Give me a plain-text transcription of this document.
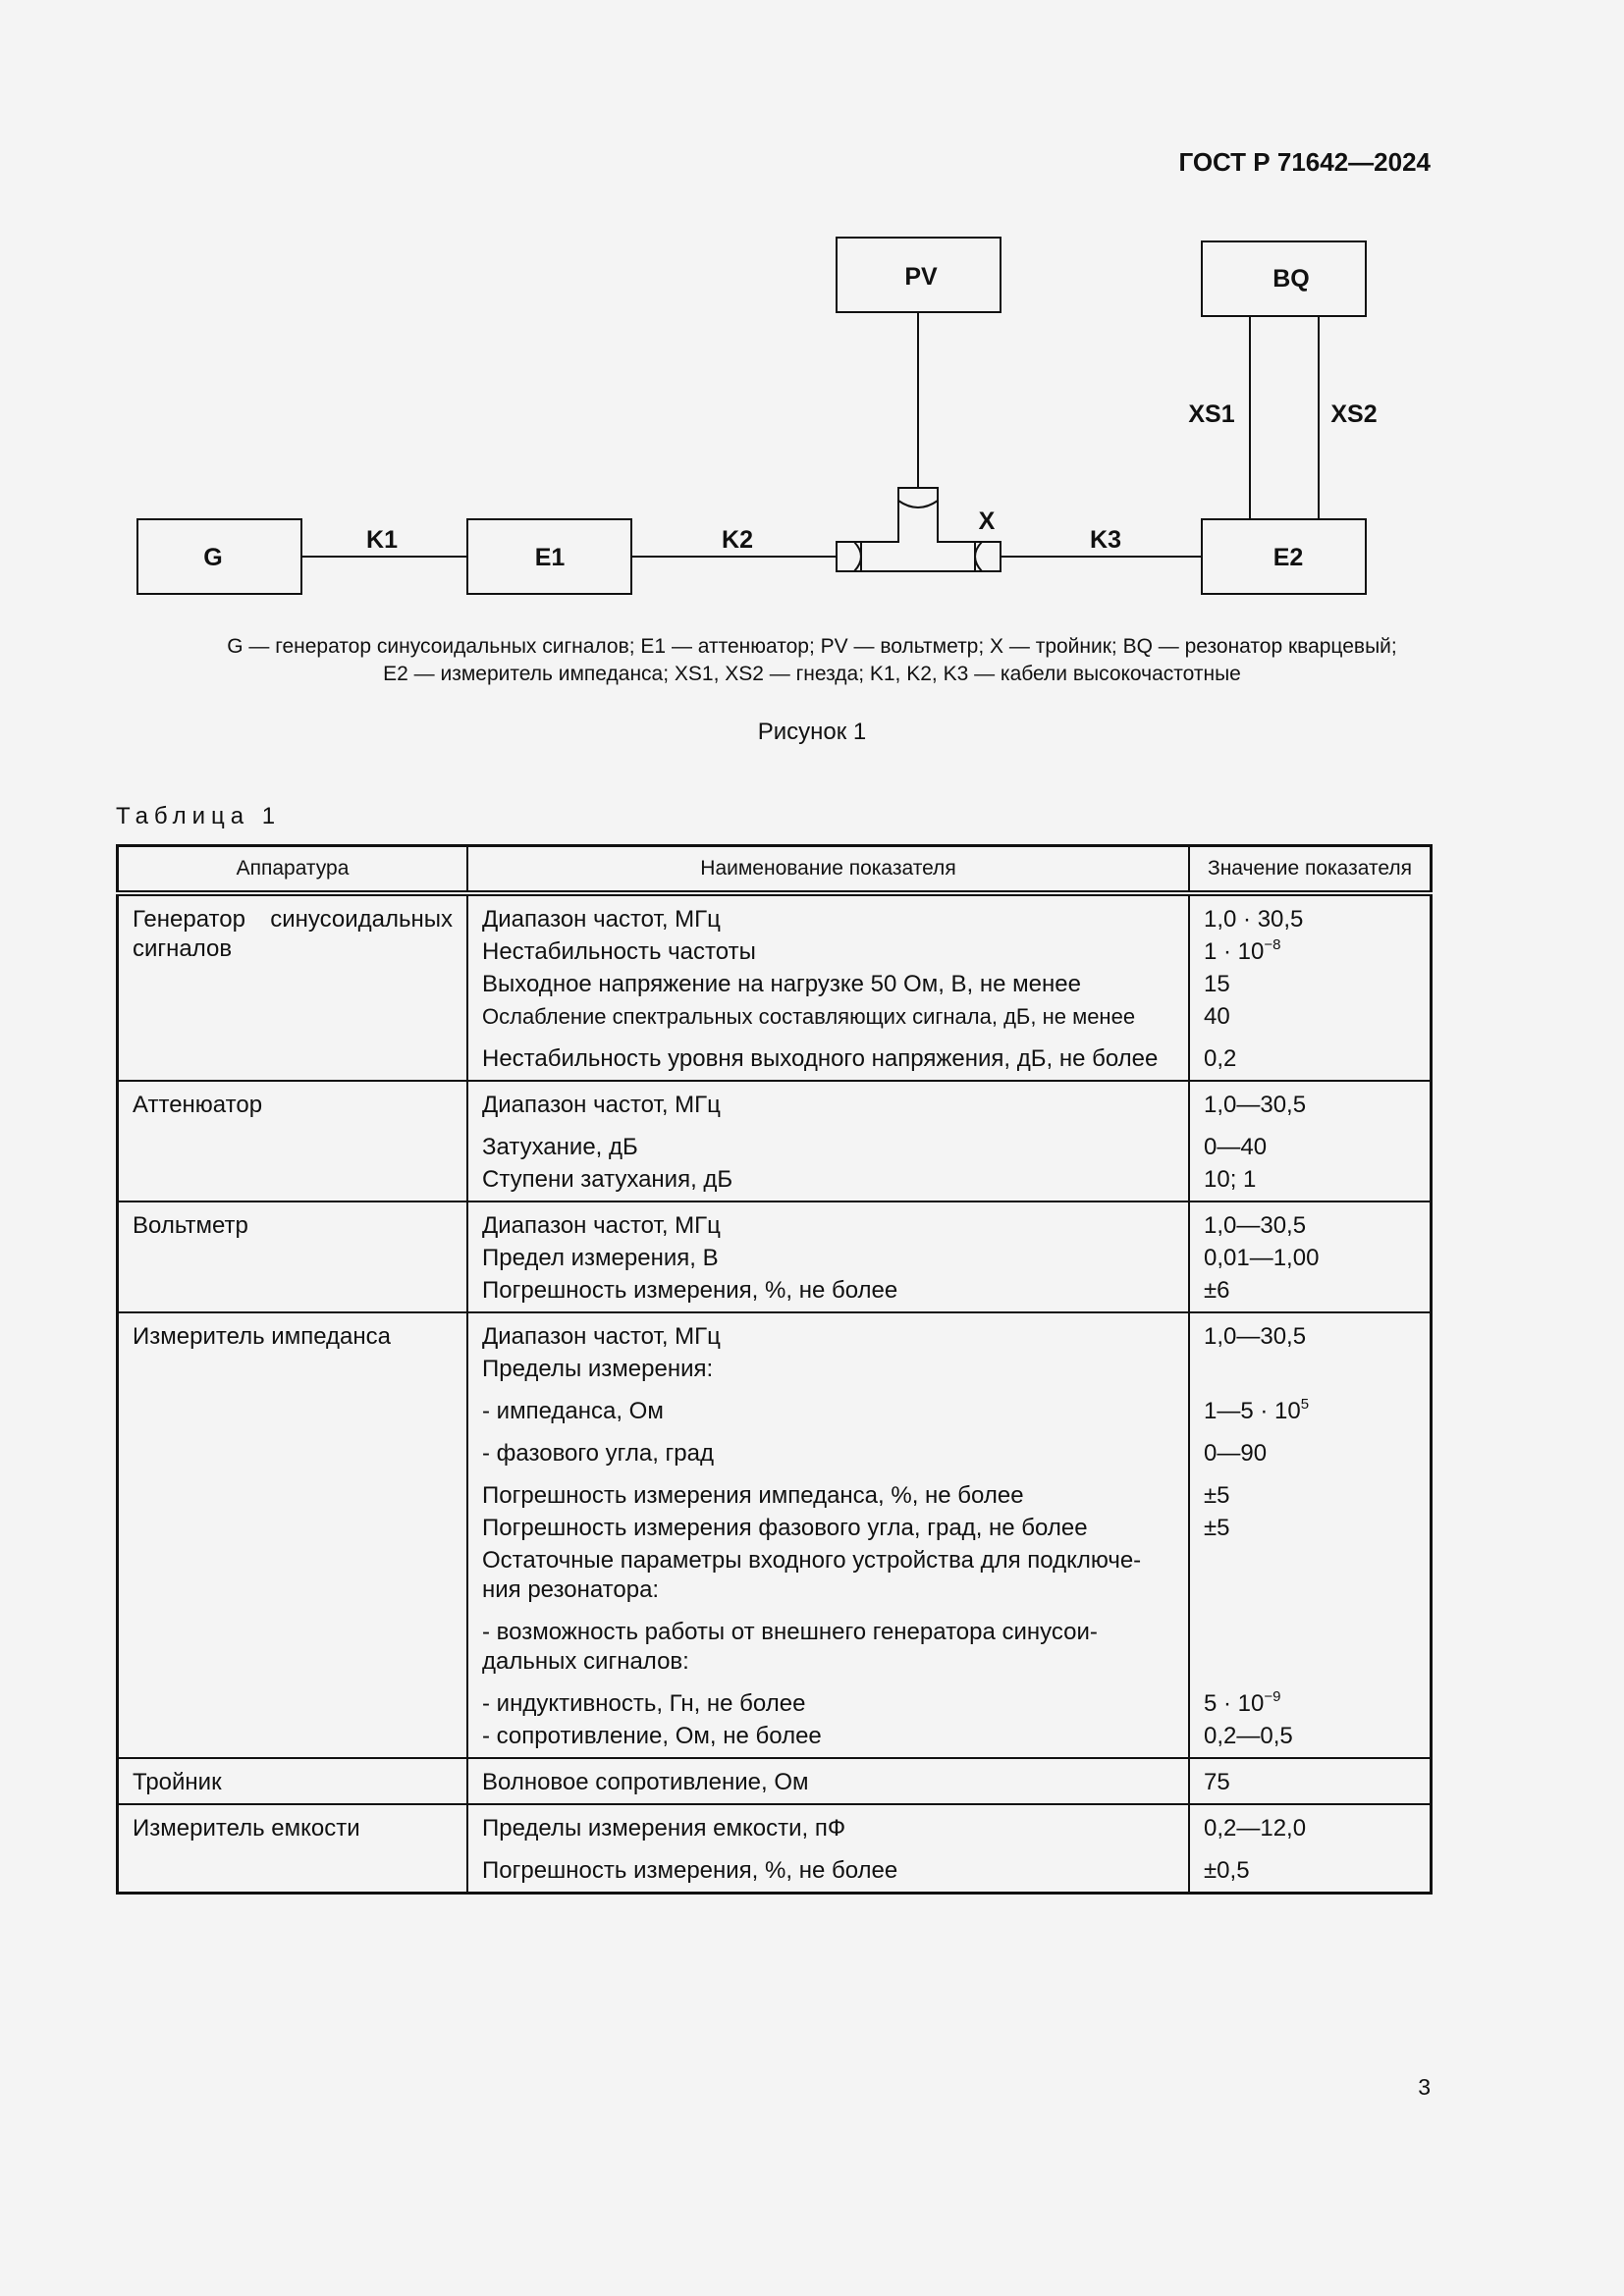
ГОСТ Р 71642—2024
G	E1	E2
PV	BQ
K1	K2	K3
X
XS1	XS2
G — генератор синусоидальных сигналов; E1 — аттенюатор; PV — вольтметр; X — тройник; BQ — резонатор кварцевый;
E2 — измеритель импеданса; XS1, XS2 — гнезда; K1, K2, K3 — кабели высокочастотные
Рисунок 1
Таблица 1
Аппаратура	Наименование показателя	Значение показателя
Генератор синусоидальных сигналов	Диапазон частот, МГц	1,0 · 30,5
	Нестабильность частоты	$1 \cdot 10^{-8}$
	Выходное напряжение на нагрузке 50 Ом, В, не менее	15
	Ослабление спектральных составляющих сигнала, дБ, не менее	40
	Нестабильность уровня выходного напряжения, дБ, не более	0,2
Аттенюатор	Диапазон частот, МГц	1,0—30,5
	Затухание, дБ	0—40
	Ступени затухания, дБ	10; 1
Вольтметр	Диапазон частот, МГц	1,0—30,5
	Предел измерения, В	0,01—1,00
	Погрешность измерения, %, не более	±6
Измеритель импеданса	Диапазон частот, МГц	1,0—30,5
	Пределы измерения:	
	- импеданса, Ом	1—5 · $10^5$
	- фазового угла, град	0—90
	Погрешность измерения импеданса, %, не более	±5
	Погрешность измерения фазового угла, град, не более	±5
	Остаточные параметры входного устройства для подключе-ния резонатора:	
	- возможность работы от внешнего генератора синусои-дальных сигналов:	
	- индуктивность, Гн, не более	$5 \cdot 10^{-9}$
	- сопротивление, Ом, не более	0,2—0,5
Тройник	Волновое сопротивление, Ом	75
Измеритель емкости	Пределы измерения емкости, пФ	0,2—12,0
	Погрешность измерения, %, не более	±0,5
3
